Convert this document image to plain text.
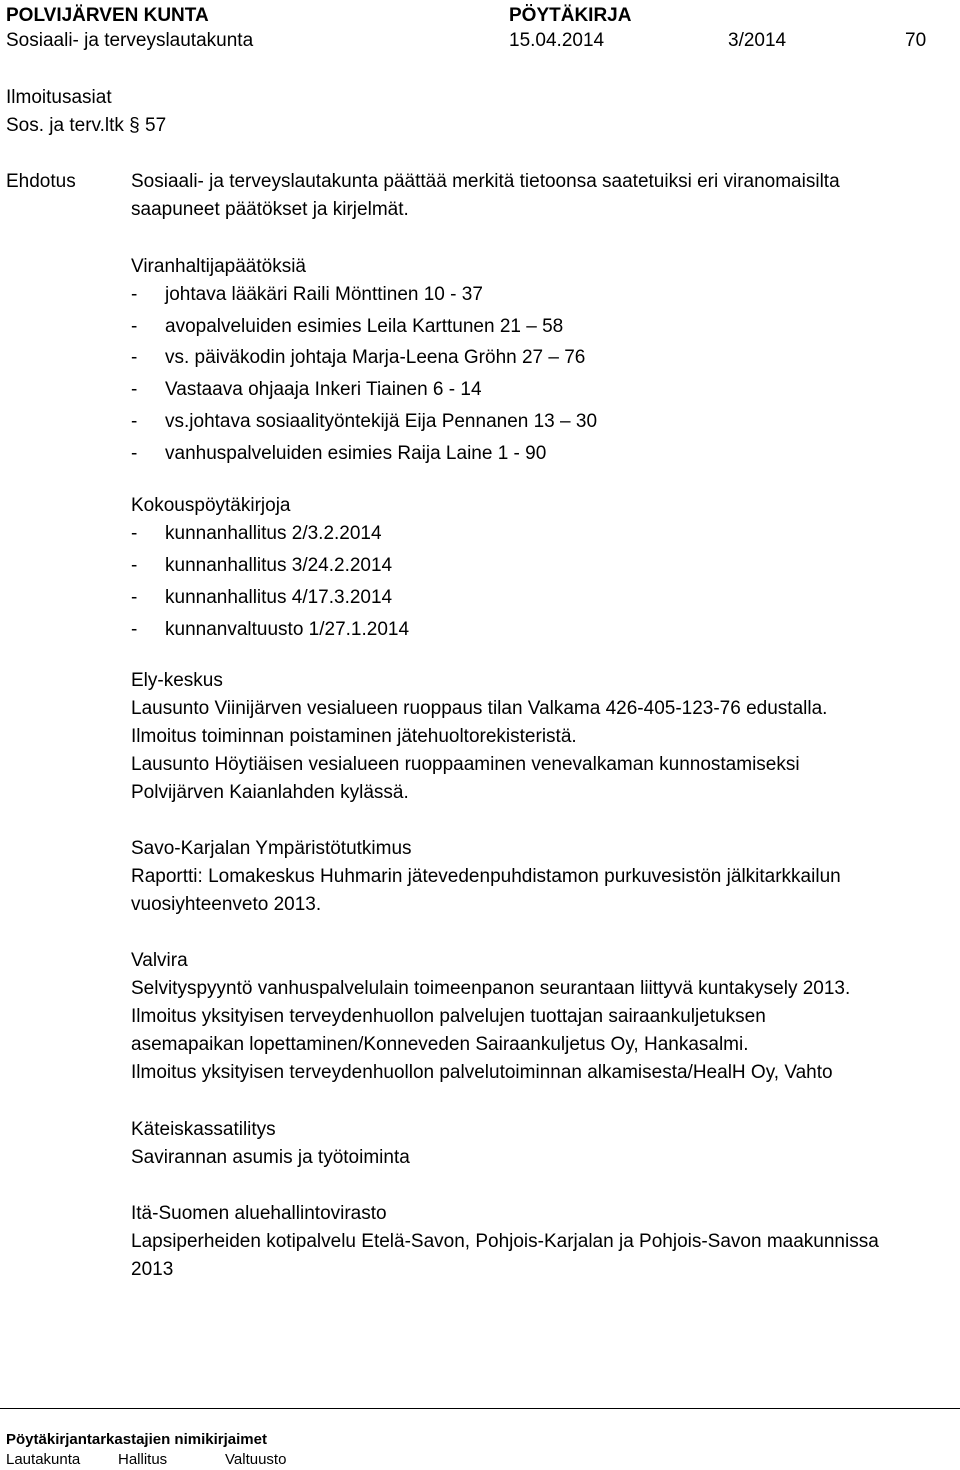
POLVIJÄRVEN KUNTA	PÖYTÄKIRJA
Sosiaali- ja terveyslautakunta	15.04.2014	3/2014	70
Ilmoitusasiat
Sos. ja terv.ltk § 57
Ehdotus	Sosiaali- ja terveyslautakunta päättää merkitä tietoonsa saatetuiksi eri viranomaisilta
saapuneet päätökset ja kirjelmät.
Viranhaltijapäätöksiä
- johtava lääkäri Raili Mönttinen 10 - 37
- avopalveluiden esimies Leila Karttunen 21 – 58
- vs. päiväkodin johtaja Marja-Leena Gröhn 27 – 76
- Vastaava ohjaaja Inkeri Tiainen 6 - 14
- vs.johtava sosiaalityöntekijä Eija Pennanen 13 – 30
- vanhuspalveluiden esimies Raija Laine 1 - 90
Kokouspöytäkirjoja
- kunnanhallitus 2/3.2.2014
- kunnanhallitus 3/24.2.2014
- kunnanhallitus 4/17.3.2014
- kunnanvaltuusto 1/27.1.2014
Ely-keskus
Lausunto Viinijärven vesialueen ruoppaus tilan Valkama 426-405-123-76 edustalla.
Ilmoitus toiminnan poistaminen jätehuoltorekisteristä.
Lausunto Höytiäisen vesialueen ruoppaaminen venevalkaman kunnostamiseksi
Polvijärven Kaianlahden kylässä.
Savo-Karjalan Ympäristötutkimus
Raportti: Lomakeskus Huhmarin jätevedenpuhdistamon purkuvesistön jälkitarkkailun
vuosiyhteenveto 2013.
Valvira
Selvityspyyntö vanhuspalvelulain toimeenpanon seurantaan liittyvä kuntakysely 2013.
Ilmoitus yksityisen terveydenhuollon palvelujen tuottajan sairaankuljetuksen
asemapaikan lopettaminen/Konneveden Sairaankuljetus Oy, Hankasalmi.
Ilmoitus yksityisen terveydenhuollon palvelutoiminnan alkamisesta/HealH Oy, Vahto
Käteiskassatilitys
Savirannan asumis ja työtoiminta
Itä-Suomen aluehallintovirasto
Lapsiperheiden kotipalvelu Etelä-Savon, Pohjois-Karjalan ja Pohjois-Savon maakunnissa
2013
Pöytäkirjantarkastajien nimikirjaimet
Lautakunta	Hallitus	Valtuusto
